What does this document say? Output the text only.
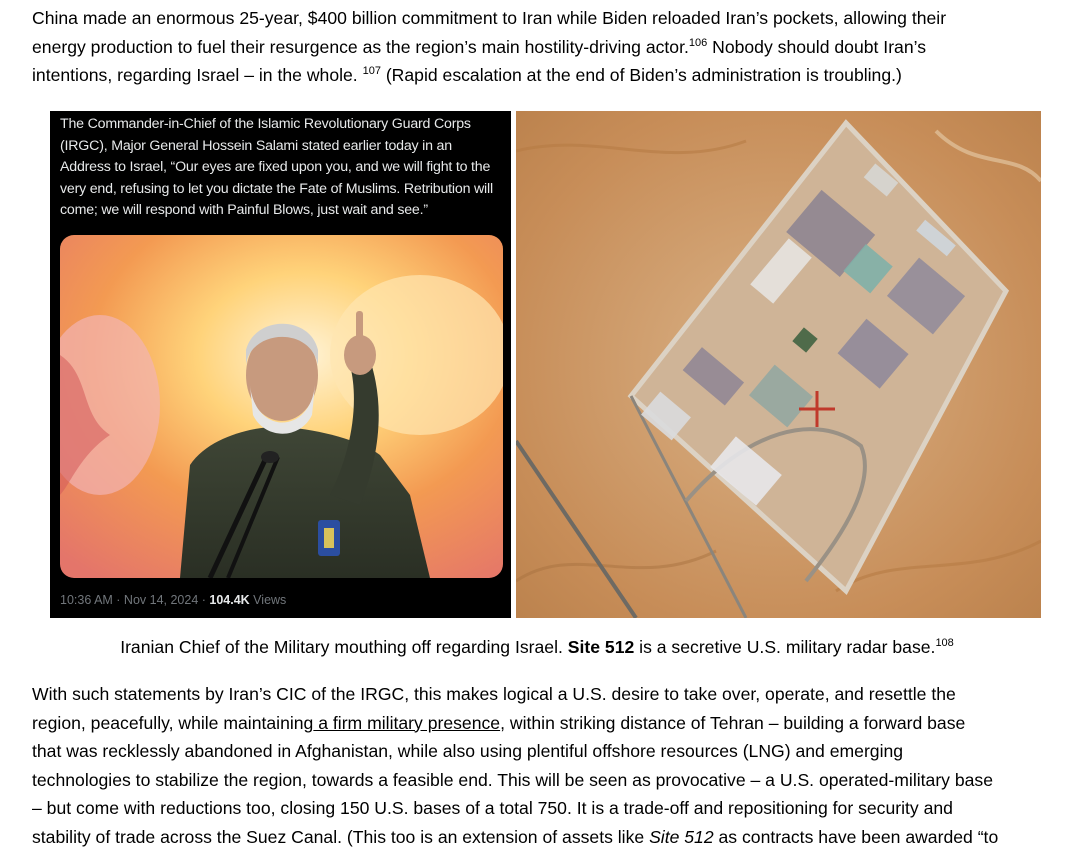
China made an enormous 25-year, $400 billion commitment to Iran while Biden reloaded Iran’s pockets, allowing their
energy production to fuel their resurgence as the region’s main hostility-driving actor.$^{106}$ Nobody should doubt Iran’s
intentions, regarding Israel – in the whole. $^{107}$ (Rapid escalation at the end of Biden’s administration is troubling.)

The Commander-in-Chief of the Islamic Revolutionary Guard Corps (IRGC), Major General Hossein Salami stated earlier today in an Address to Israel, “Our eyes are fixed upon you, and we will fight to the very end, refusing to let you dictate the Fate of Muslims. Retribution will come; we will respond with Painful Blows, just wait and see.”
10:36 AM · Nov 14, 2024 · 104.4K Views
Iranian Chief of the Military mouthing off regarding Israel. Site 512 is a secretive U.S. military radar base.$^{108}$

With such statements by Iran’s CIC of the IRGC, this makes logical a U.S. desire to take over, operate, and resettle the
region, peacefully, while maintaining a firm military presence, within striking distance of Tehran – building a forward base
that was recklessly abandoned in Afghanistan, while also using plentiful offshore resources (LNG) and emerging
technologies to stabilize the region, towards a feasible end. This will be seen as provocative – a U.S. operated-military base
– but come with reductions too, closing 150 U.S. bases of a total 750. It is a trade-off and repositioning for security and
stability of trade across the Suez Canal. (This too is an extension of assets like Site 512 as contracts have been awarded “to
